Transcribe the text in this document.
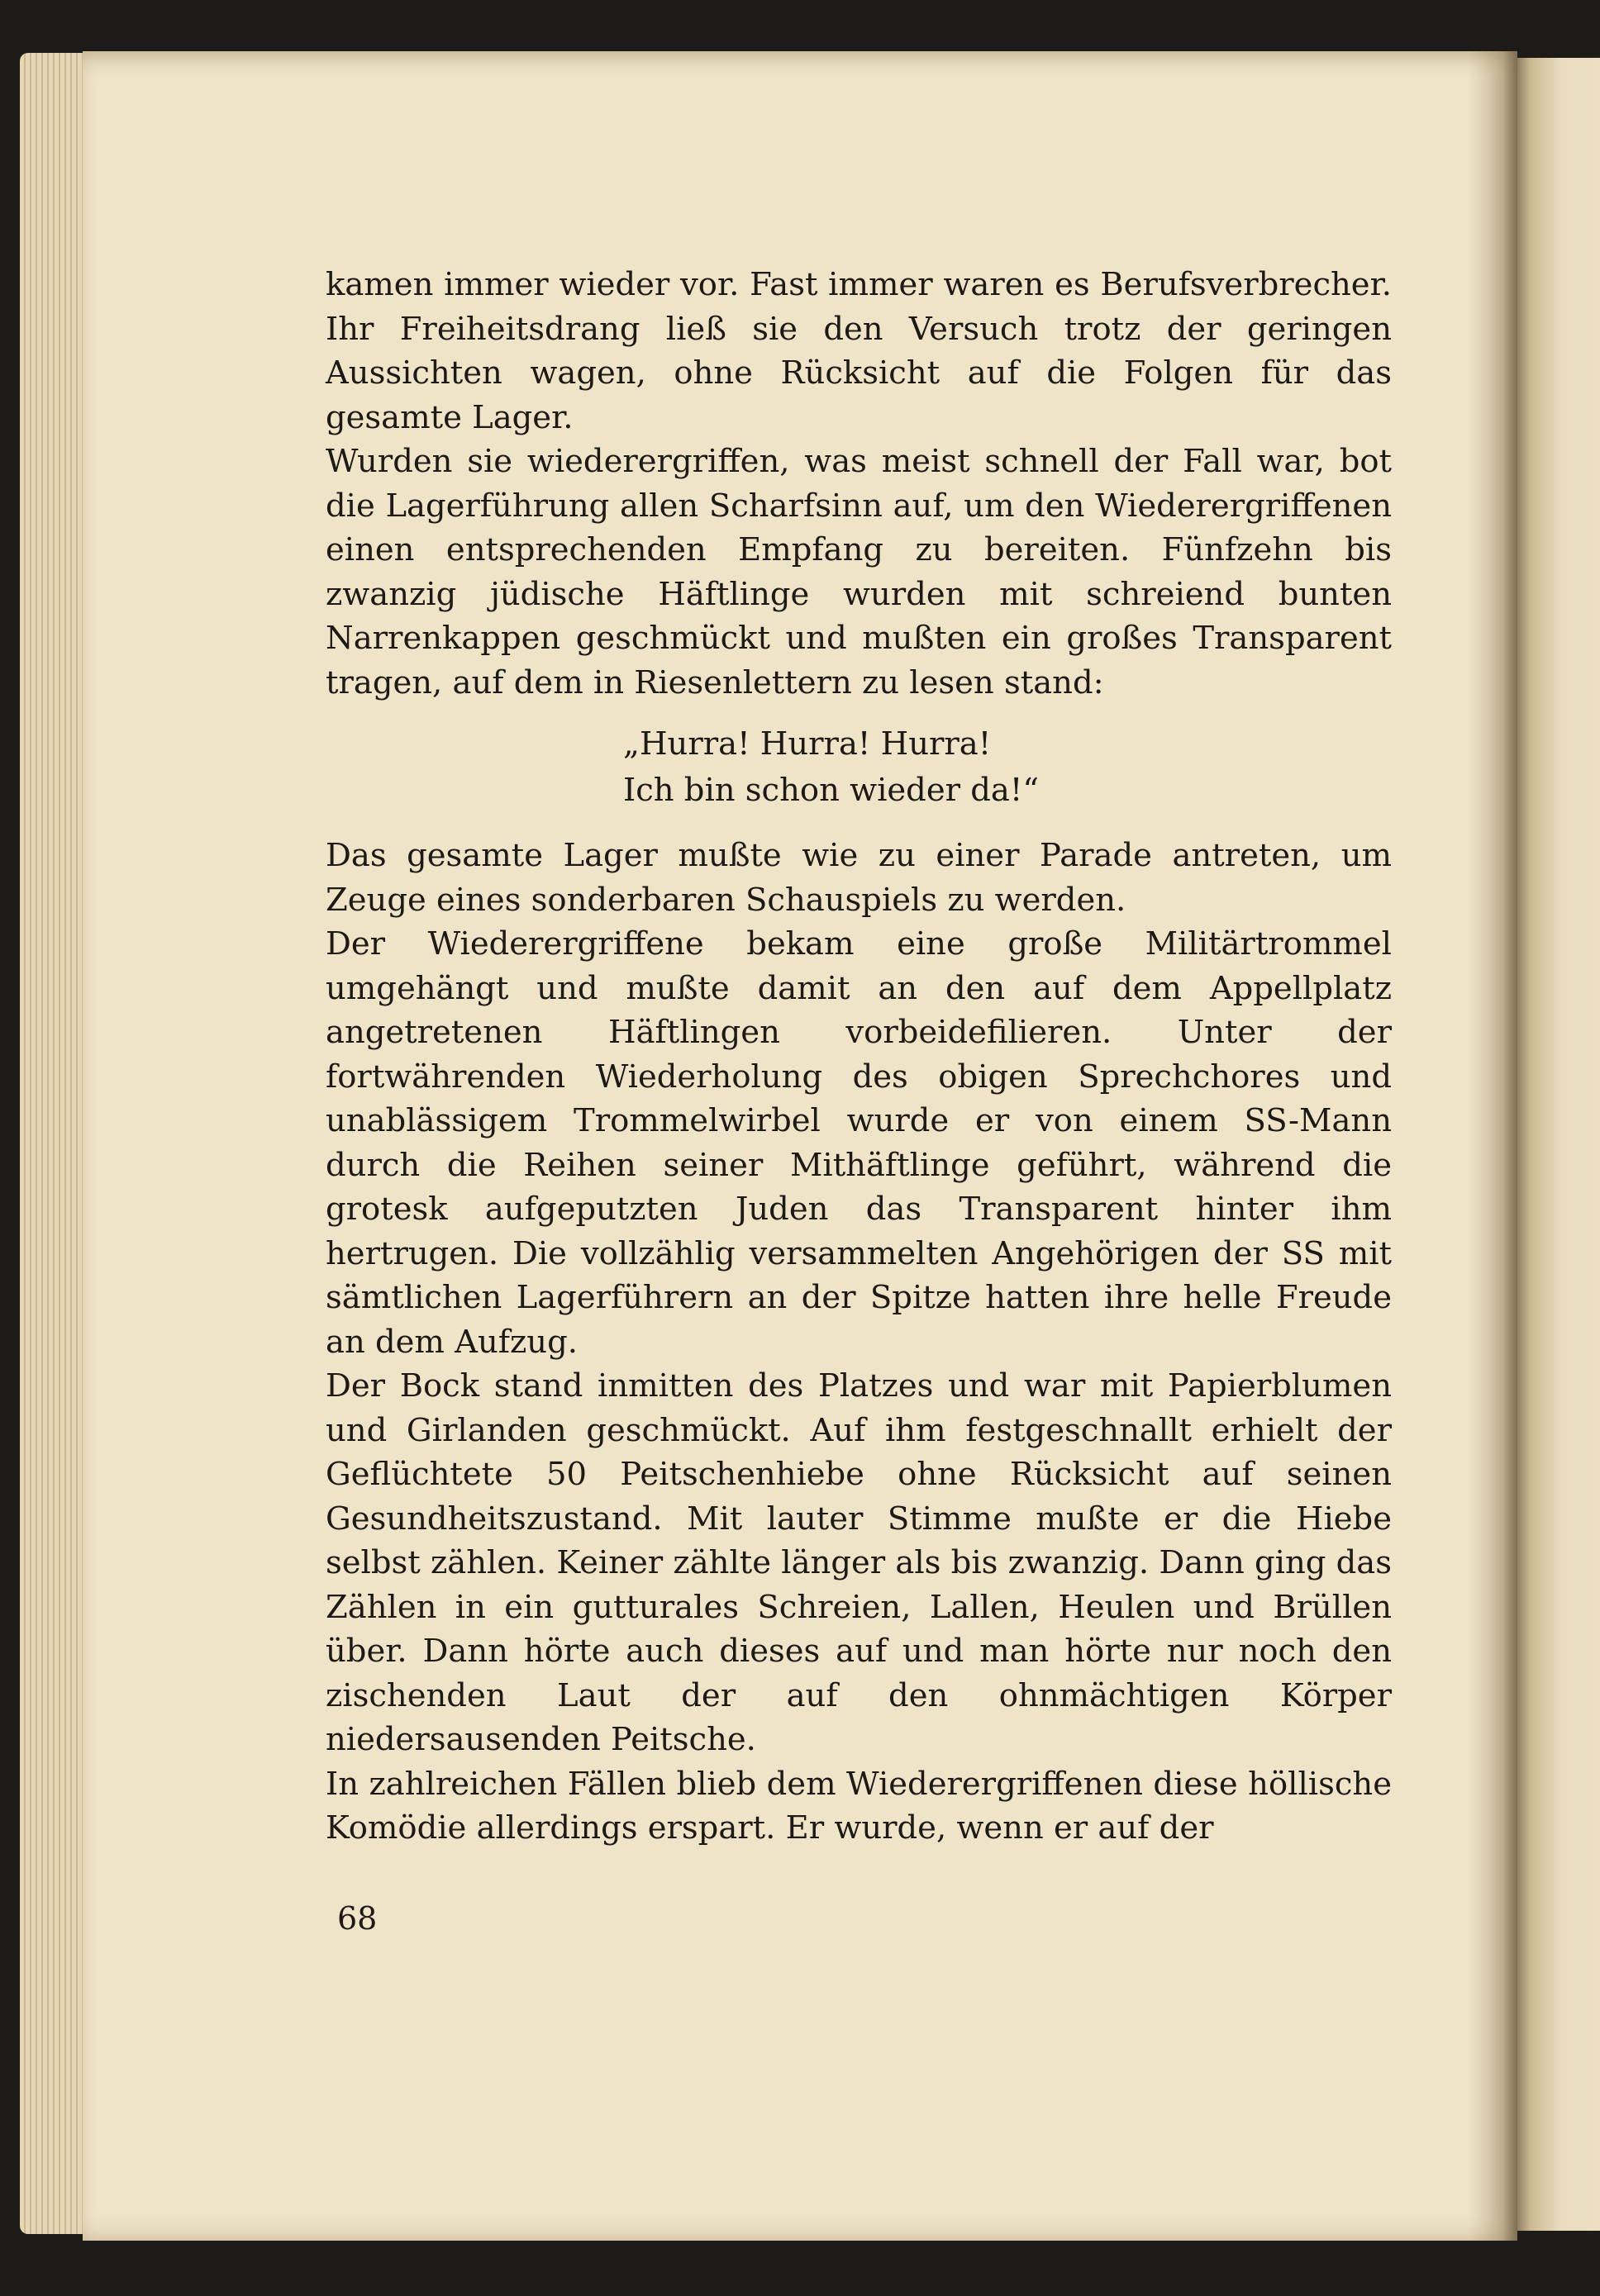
kamen immer wieder vor. Fast immer waren es Berufsverbrecher. Ihr Freiheitsdrang ließ sie den Versuch trotz der geringen Aussichten wagen, ohne Rücksicht auf die Folgen für das gesamte Lager.

Wurden sie wiederergriffen, was meist schnell der Fall war, bot die Lagerführung allen Scharfsinn auf, um den Wiederergriffenen einen entsprechenden Empfang zu bereiten. Fünfzehn bis zwanzig jüdische Häftlinge wurden mit schreiend bunten Narrenkappen geschmückt und mußten ein großes Transparent tragen, auf dem in Riesenlettern zu lesen stand:

„Hurra! Hurra! Hurra!
Ich bin schon wieder da!“

Das gesamte Lager mußte wie zu einer Parade antreten, um Zeuge eines sonderbaren Schauspiels zu werden.

Der Wiederergriffene bekam eine große Militärtrommel umgehängt und mußte damit an den auf dem Appellplatz angetretenen Häftlingen vorbeidefilieren. Unter der fortwährenden Wiederholung des obigen Sprechchores und unablässigem Trommelwirbel wurde er von einem SS-Mann durch die Reihen seiner Mithäftlinge geführt, während die grotesk aufgeputzten Juden das Transparent hinter ihm hertrugen. Die vollzählig versammelten Angehörigen der SS mit sämtlichen Lagerführern an der Spitze hatten ihre helle Freude an dem Aufzug.

Der Bock stand inmitten des Platzes und war mit Papierblumen und Girlanden geschmückt. Auf ihm festgeschnallt erhielt der Geflüchtete 50 Peitschenhiebe ohne Rücksicht auf seinen Gesundheitszustand. Mit lauter Stimme mußte er die Hiebe selbst zählen. Keiner zählte länger als bis zwanzig. Dann ging das Zählen in ein gutturales Schreien, Lallen, Heulen und Brüllen über. Dann hörte auch dieses auf und man hörte nur noch den zischenden Laut der auf den ohnmächtigen Körper niedersausenden Peitsche.

In zahlreichen Fällen blieb dem Wiederergriffenen diese höllische Komödie allerdings erspart. Er wurde, wenn er auf der

68
